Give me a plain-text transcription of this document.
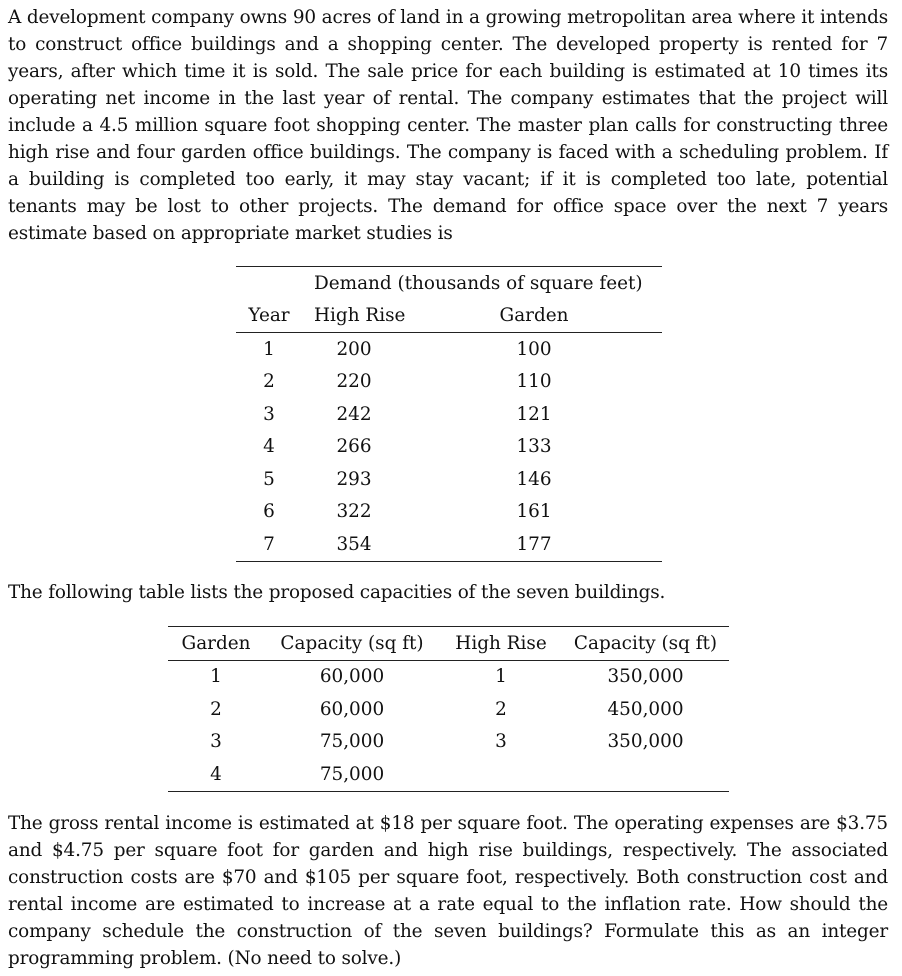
A development company owns 90 acres of land in a growing metropolitan area where it intends to construct office buildings and a shopping center. The developed property is rented for 7 years, after which time it is sold. The sale price for each building is estimated at 10 times its operating net income in the last year of rental. The company estimates that the project will include a 4.5 million square foot shopping center. The master plan calls for constructing three high rise and four garden office buildings. The company is faced with a scheduling problem. If a building is completed too early, it may stay vacant; if it is completed too late, potential tenants may be lost to other projects. The demand for office space over the next 7 years estimate based on appropriate market studies is

	Demand (thousands of square feet)	
Year	High Rise	Garden
1	200	100
2	220	110
3	242	121
4	266	133
5	293	146
6	322	161
7	354	177

The following table lists the proposed capacities of the seven buildings.

Garden	Capacity (sq ft)	High Rise	Capacity (sq ft)
1	60,000	1	350,000
2	60,000	2	450,000
3	75,000	3	350,000
4	75,000		

The gross rental income is estimated at $18 per square foot. The operating expenses are $3.75 and $4.75 per square foot for garden and high rise buildings, respectively. The associated construction costs are $70 and $105 per square foot, respectively. Both construction cost and rental income are estimated to increase at a rate equal to the inflation rate. How should the company schedule the construction of the seven buildings? Formulate this as an integer programming problem. (No need to solve.)
